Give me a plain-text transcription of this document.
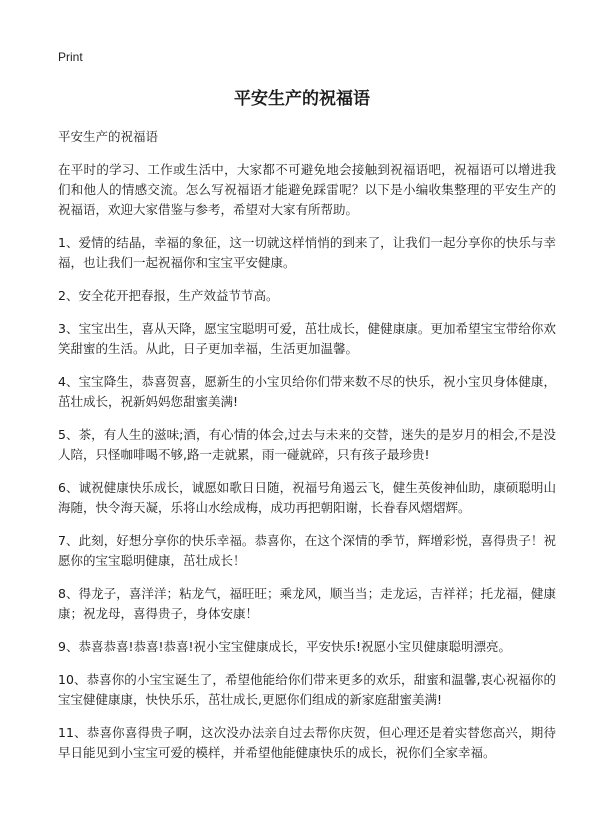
Print
平安生产的祝福语
平安生产的祝福语

在平时的学习、工作或生活中，大家都不可避免地会接触到祝福语吧，祝福语可以增进我们和他人的情感交流。怎么写祝福语才能避免踩雷呢？以下是小编收集整理的平安生产的祝福语，欢迎大家借鉴与参考，希望对大家有所帮助。

1、爱情的结晶，幸福的象征，这一切就这样悄悄的到来了，让我们一起分享你的快乐与幸福，也让我们一起祝福你和宝宝平安健康。

2、安全花开把春报，生产效益节节高。

3、宝宝出生，喜从天降，愿宝宝聪明可爱，茁壮成长，健健康康。更加希望宝宝带给你欢笑甜蜜的生活。从此，日子更加幸福，生活更加温馨。

4、宝宝降生，恭喜贺喜，愿新生的小宝贝给你们带来数不尽的快乐，祝小宝贝身体健康，茁壮成长，祝新妈妈您甜蜜美满!

5、茶，有人生的滋味;酒，有心情的体会,过去与未来的交替，迷失的是岁月的相会,不是没人陪，只怪咖啡喝不够,路一走就累，雨一碰就碎，只有孩子最珍贵!

6、诚祝健康快乐成长，诚愿如歌日日随，祝福号角遏云飞，健生英俊神仙助，康硕聪明山海随，快令海天凝，乐将山水绘成梅，成功再把朝阳谢，长眷春风熠熠辉。

7、此刻，好想分享你的快乐幸福。恭喜你，在这个深情的季节，辉增彩悦，喜得贵子！祝愿你的宝宝聪明健康，茁壮成长！

8、得龙子，喜洋洋；粘龙气，福旺旺；乘龙风，顺当当；走龙运，吉祥祥；托龙福，健康康；祝龙母，喜得贵子，身体安康！

9、恭喜恭喜!恭喜!恭喜!祝小宝宝健康成长，平安快乐!祝愿小宝贝健康聪明漂亮。

10、恭喜你的小宝宝诞生了，希望他能给你们带来更多的欢乐，甜蜜和温馨,衷心祝福你的宝宝健健康康，快快乐乐，茁壮成长,更愿你们组成的新家庭甜蜜美满!

11、恭喜你喜得贵子啊，这次没办法亲自过去帮你庆贺，但心理还是着实替您高兴，期待早日能见到小宝宝可爱的模样，并希望他能健康快乐的成长，祝你们全家幸福。
